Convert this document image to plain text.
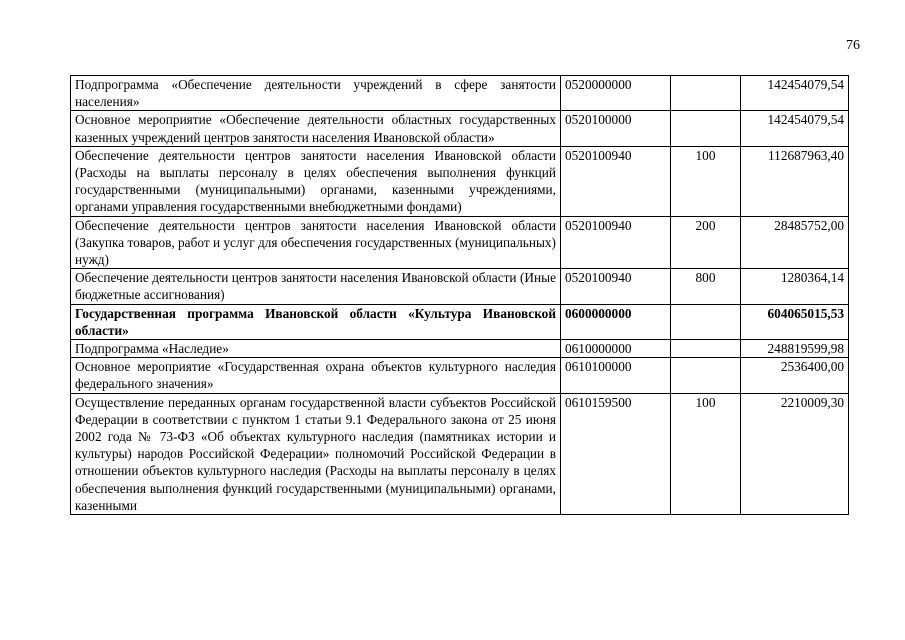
76
Подпрограмма «Обеспечение деятельности учреждений в сфере занятости населения»	0520000000		142454079,54
Основное мероприятие «Обеспечение деятельности областных государственных казенных учреждений центров занятости населения Ивановской области»	0520100000		142454079,54
Обеспечение деятельности центров занятости населения Ивановской области (Расходы на выплаты персоналу в целях обеспечения выполнения функций государственными (муниципальными) органами, казенными учреждениями, органами управления государственными внебюджетными фондами)	0520100940	100	112687963,40
Обеспечение деятельности центров занятости населения Ивановской области (Закупка товаров, работ и услуг для обеспечения государственных (муниципальных) нужд)	0520100940	200	28485752,00
Обеспечение деятельности центров занятости населения Ивановской области (Иные бюджетные ассигнования)	0520100940	800	1280364,14
Государственная программа Ивановской области «Культура Ивановской области»	0600000000		604065015,53
Подпрограмма «Наследие»	0610000000		248819599,98
Основное мероприятие «Государственная охрана объектов культурного наследия федерального значения»	0610100000		2536400,00
Осуществление переданных органам государственной власти субъектов Российской Федерации в соответствии с пунктом 1 статьи 9.1 Федерального закона от 25 июня 2002 года № 73-ФЗ «Об объектах культурного наследия (памятниках истории и культуры) народов Российской Федерации» полномочий Российской Федерации в отношении объектов культурного наследия (Расходы на выплаты персоналу в целях обеспечения выполнения функций государственными (муниципальными) органами, казенными	0610159500	100	2210009,30
